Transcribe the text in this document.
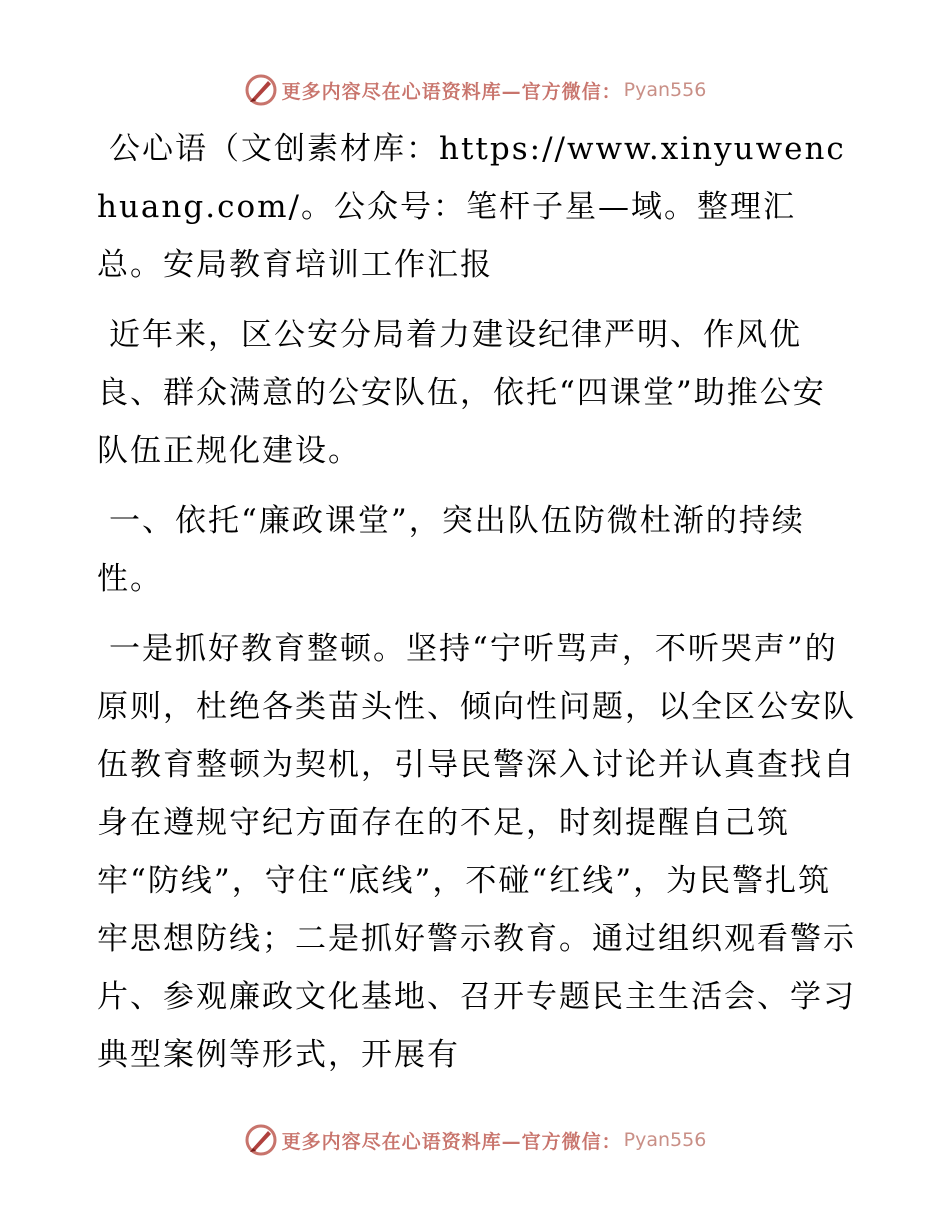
更多内容尽在心语资料库—官方微信： Pyan556

公心语（文创素材库：https://www.xinyuwenchuang.com/。公众号：笔杆子星—域。整理汇总。安局教育培训工作汇报

近年来，区公安分局着力建设纪律严明、作风优良、群众满意的公安队伍，依托“四课堂”助推公安队伍正规化建设。

一、依托“廉政课堂”，突出队伍防微杜渐的持续性。

一是抓好教育整顿。坚持“宁听骂声，不听哭声”的原则，杜绝各类苗头性、倾向性问题，以全区公安队伍教育整顿为契机，引导民警深入讨论并认真查找自身在遵规守纪方面存在的不足，时刻提醒自己筑牢“防线”，守住“底线”，不碰“红线”，为民警扎筑牢思想防线；二是抓好警示教育。通过组织观看警示片、参观廉政文化基地、召开专题民主生活会、学习典型案例等形式，开展有

更多内容尽在心语资料库—官方微信： Pyan556
